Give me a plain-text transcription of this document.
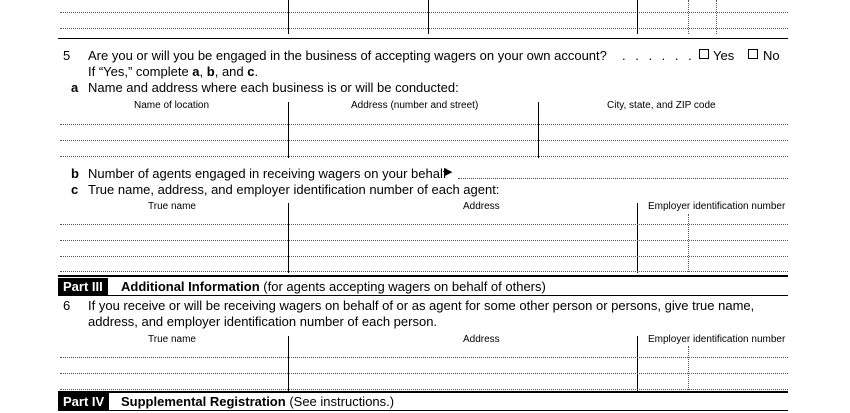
5 Are you or will you be engaged in the business of accepting wagers on your own account? . . . . . . Yes No
If “Yes,” complete a, b, and c.
a Name and address where each business is or will be conducted:
Name of location	Address (number and street)	City, state, and ZIP code
b Number of agents engaged in receiving wagers on your behalf
▶
c True name, address, and employer identification number of each agent:
True name	Address	Employer identification number
Part III	Additional Information (for agents accepting wagers on behalf of others)
6 If you receive or will be receiving wagers on behalf of or as agent for some other person or persons, give true name,
address, and employer identification number of each person.
True name	Address	Employer identification number
Part IV	Supplemental Registration (See instructions.)
